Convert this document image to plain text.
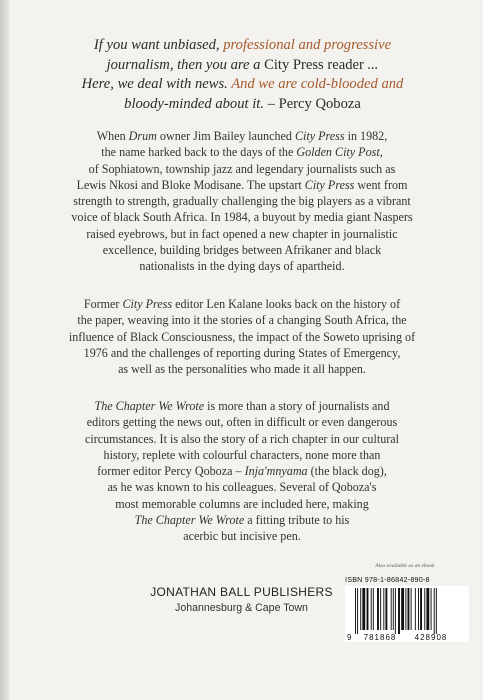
If you want unbiased, professional and progressive
journalism, then you are a City Press reader ...
Here, we deal with news. And we are cold-blooded and
bloody-minded about it. – Percy Qoboza
When Drum owner Jim Bailey launched City Press in 1982,
the name harked back to the days of the Golden City Post,
of Sophiatown, township jazz and legendary journalists such as
Lewis Nkosi and Bloke Modisane. The upstart City Press went from
strength to strength, gradually challenging the big players as a vibrant
voice of black South Africa. In 1984, a buyout by media giant Naspers
raised eyebrows, but in fact opened a new chapter in journalistic
excellence, building bridges between Afrikaner and black
nationalists in the dying days of apartheid.
Former City Press editor Len Kalane looks back on the history of
the paper, weaving into it the stories of a changing South Africa, the
influence of Black Consciousness, the impact of the Soweto uprising of
1976 and the challenges of reporting during States of Emergency,
as well as the personalities who made it all happen.
The Chapter We Wrote is more than a story of journalists and
editors getting the news out, often in difficult or even dangerous
circumstances. It is also the story of a rich chapter in our cultural
history, replete with colourful characters, none more than
former editor Percy Qoboza – Inja'mnyama (the black dog),
as he was known to his colleagues. Several of Qoboza's
most memorable columns are included here, making
The Chapter We Wrote a fitting tribute to his
acerbic but incisive pen.
JONATHAN BALL PUBLISHERS
Johannesburg & Cape Town
Also available as an ebook
ISBN 978-1-86842-890-8
9 781868 428908
